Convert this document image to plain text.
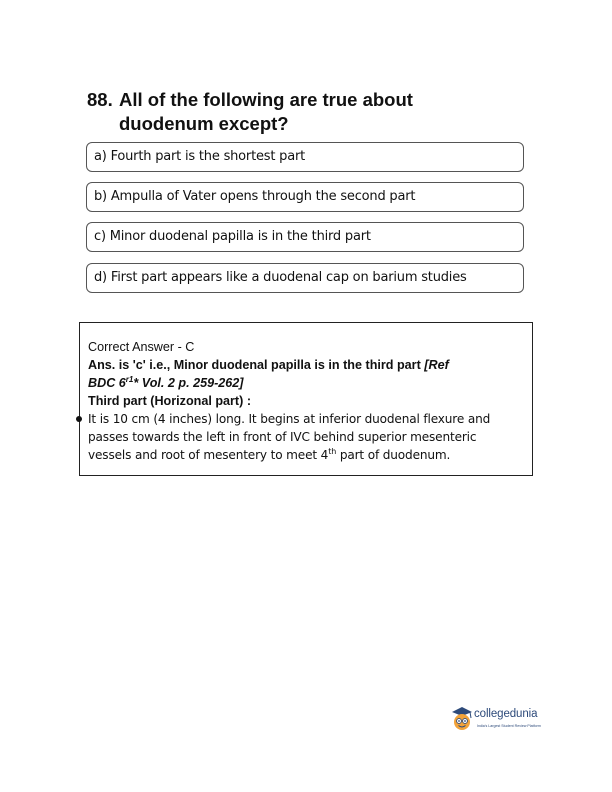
88. All of the following are true about
duodenum except?
a) Fourth part is the shortest part
b) Ampulla of Vater opens through the second part
c) Minor duodenal papilla is in the third part
d) First part appears like a duodenal cap on barium studies
Correct Answer - C
Ans. is 'c' i.e., Minor duodenal papilla is in the third part [Ref
BDC $6^{r1}*$ Vol. 2 p. 259-262]
Third part (Horizonal part) :
It is 10 cm (4 inches) long. It begins at inferior duodenal flexure and
passes towards the left in front of IVC behind superior mesenteric
vessels and root of mesentery to meet 4th part of duodenum.
collegedunia
India's Largest Student Review Platform
